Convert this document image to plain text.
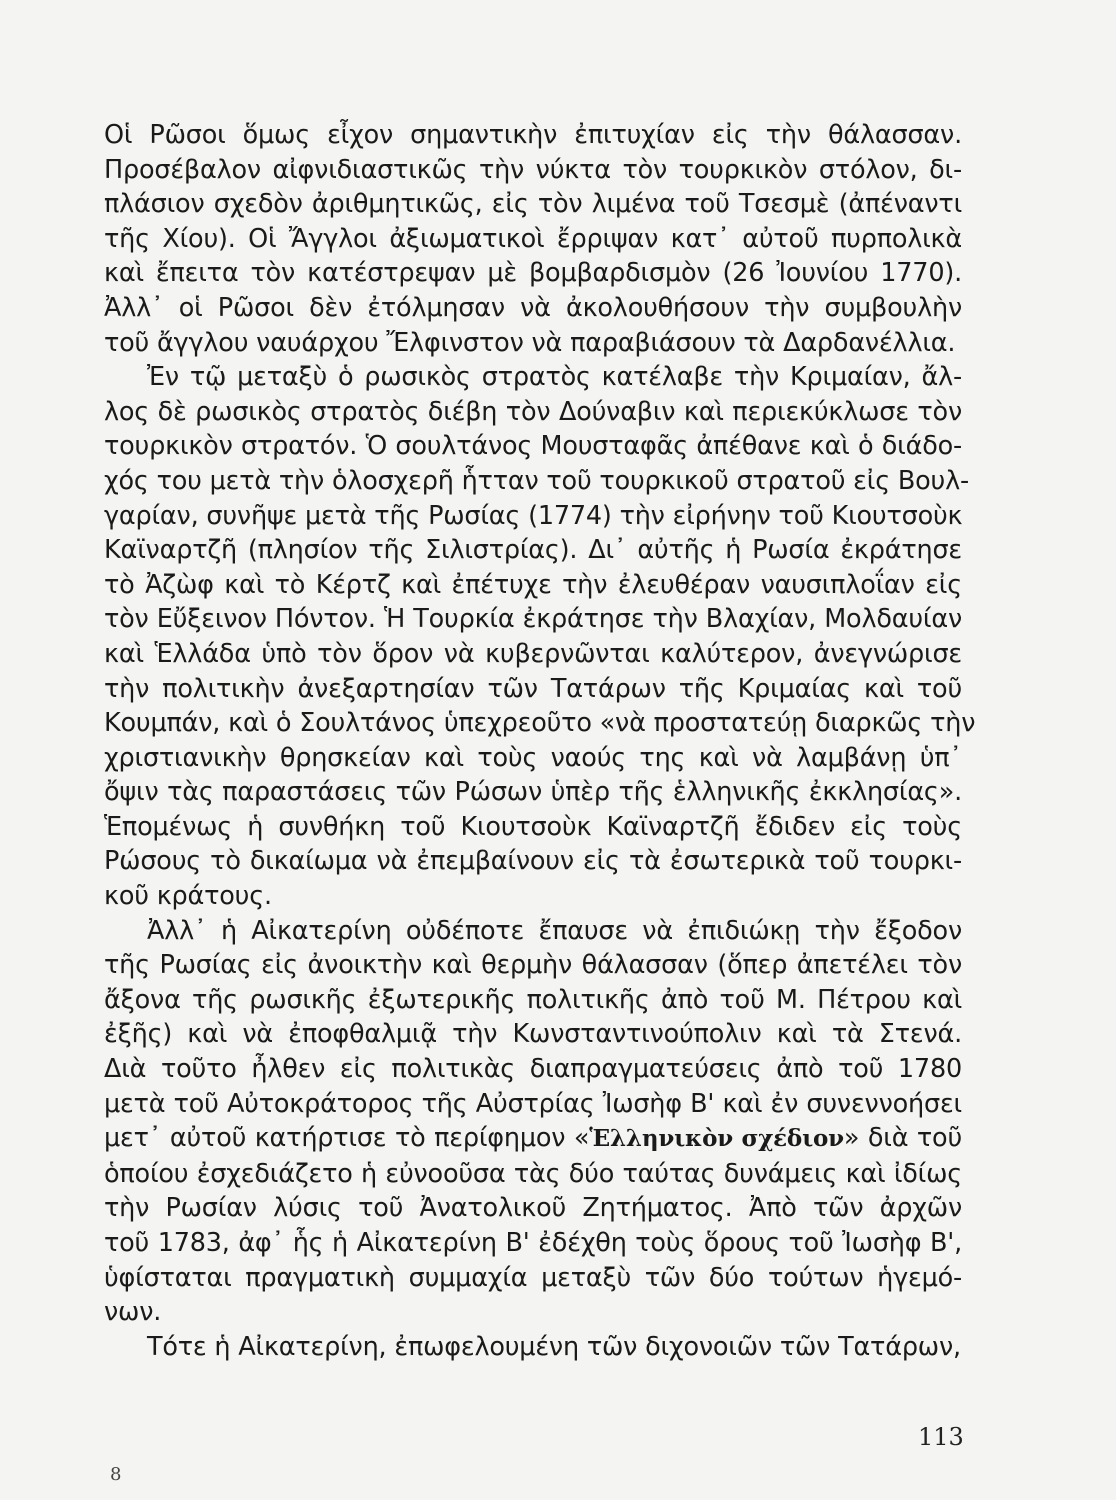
Οἱ Ρῶσοι ὅμως εἶχον σημαντικὴν ἐπιτυχίαν εἰς τὴν θάλασσαν.
Προσέβαλον αἰφνιδιαστικῶς τὴν νύκτα τὸν τουρκικὸν στόλον, δι-
πλάσιον σχεδὸν ἀριθμητικῶς, εἰς τὸν λιμένα τοῦ Τσεσμὲ (ἀπέναντι
τῆς Χίου). Οἱ Ἄγγλοι ἀξιωματικοὶ ἔρριψαν κατ᾽ αὐτοῦ πυρπολικὰ
καὶ ἔπειτα τὸν κατέστρεψαν μὲ βομβαρδισμὸν (26 Ἰουνίου 1770).
Ἀλλ᾽ οἱ Ρῶσοι δὲν ἐτόλμησαν νὰ ἀκολουθήσουν τὴν συμβουλὴν
τοῦ ἄγγλου ναυάρχου Ἔλφινστον νὰ παραβιάσουν τὰ Δαρδανέλλια.
Ἐν τῷ μεταξὺ ὁ ρωσικὸς στρατὸς κατέλαβε τὴν Κριμαίαν, ἄλ-
λος δὲ ρωσικὸς στρατὸς διέβη τὸν Δούναβιν καὶ περιεκύκλωσε τὸν
τουρκικὸν στρατόν. Ὁ σουλτάνος Μουσταφᾶς ἀπέθανε καὶ ὁ διάδο-
χός του μετὰ τὴν ὁλοσχερῆ ἧτταν τοῦ τουρκικοῦ στρατοῦ εἰς Βουλ-
γαρίαν, συνῆψε μετὰ τῆς Ρωσίας (1774) τὴν εἰρήνην τοῦ Κιουτσοὺκ
Καϊναρτζῆ (πλησίον τῆς Σιλιστρίας). Δι᾽ αὐτῆς ἡ Ρωσία ἐκράτησε
τὸ Ἀζὼφ καὶ τὸ Κέρτζ καὶ ἐπέτυχε τὴν ἐλευθέραν ναυσιπλοΐαν εἰς
τὸν Εὔξεινον Πόντον. Ἡ Τουρκία ἐκράτησε τὴν Βλαχίαν, Μολδαυίαν
καὶ Ἑλλάδα ὑπὸ τὸν ὅρον νὰ κυβερνῶνται καλύτερον, ἀνεγνώρισε
τὴν πολιτικὴν ἀνεξαρτησίαν τῶν Τατάρων τῆς Κριμαίας καὶ τοῦ
Κουμπάν, καὶ ὁ Σουλτάνος ὑπεχρεοῦτο «νὰ προστατεύῃ διαρκῶς τὴν
χριστιανικὴν θρησκείαν καὶ τοὺς ναούς της καὶ νὰ λαμβάνῃ ὑπ᾽
ὄψιν τὰς παραστάσεις τῶν Ρώσων ὑπὲρ τῆς ἑλληνικῆς ἐκκλησίας».
Ἑπομένως ἡ συνθήκη τοῦ Κιουτσοὺκ Καϊναρτζῆ ἔδιδεν εἰς τοὺς
Ρώσους τὸ δικαίωμα νὰ ἐπεμβαίνουν εἰς τὰ ἐσωτερικὰ τοῦ τουρκι-
κοῦ κράτους.
Ἀλλ᾽ ἡ Αἰκατερίνη οὐδέποτε ἔπαυσε νὰ ἐπιδιώκῃ τὴν ἔξοδον
τῆς Ρωσίας εἰς ἀνοικτὴν καὶ θερμὴν θάλασσαν (ὅπερ ἀπετέλει τὸν
ἄξονα τῆς ρωσικῆς ἐξωτερικῆς πολιτικῆς ἀπὸ τοῦ Μ. Πέτρου καὶ
ἐξῆς) καὶ νὰ ἐποφθαλμιᾷ τὴν Κωνσταντινούπολιν καὶ τὰ Στενά.
Διὰ τοῦτο ἦλθεν εἰς πολιτικὰς διαπραγματεύσεις ἀπὸ τοῦ 1780
μετὰ τοῦ Αὐτοκράτορος τῆς Αὐστρίας Ἰωσὴφ Β' καὶ ἐν συνεννοήσει
μετ᾽ αὐτοῦ κατήρτισε τὸ περίφημον «Ἑλληνικὸν σχέδιον» διὰ τοῦ
ὁποίου ἐσχεδιάζετο ἡ εὐνοοῦσα τὰς δύο ταύτας δυνάμεις καὶ ἰδίως
τὴν Ρωσίαν λύσις τοῦ Ἀνατολικοῦ Ζητήματος. Ἀπὸ τῶν ἀρχῶν
τοῦ 1783, ἀφ᾽ ἧς ἡ Αἰκατερίνη Β' ἐδέχθη τοὺς ὅρους τοῦ Ἰωσὴφ Β',
ὑφίσταται πραγματικὴ συμμαχία μεταξὺ τῶν δύο τούτων ἡγεμό-
νων.
Τότε ἡ Αἰκατερίνη, ἐπωφελουμένη τῶν διχονοιῶν τῶν Τατάρων,
113
8
